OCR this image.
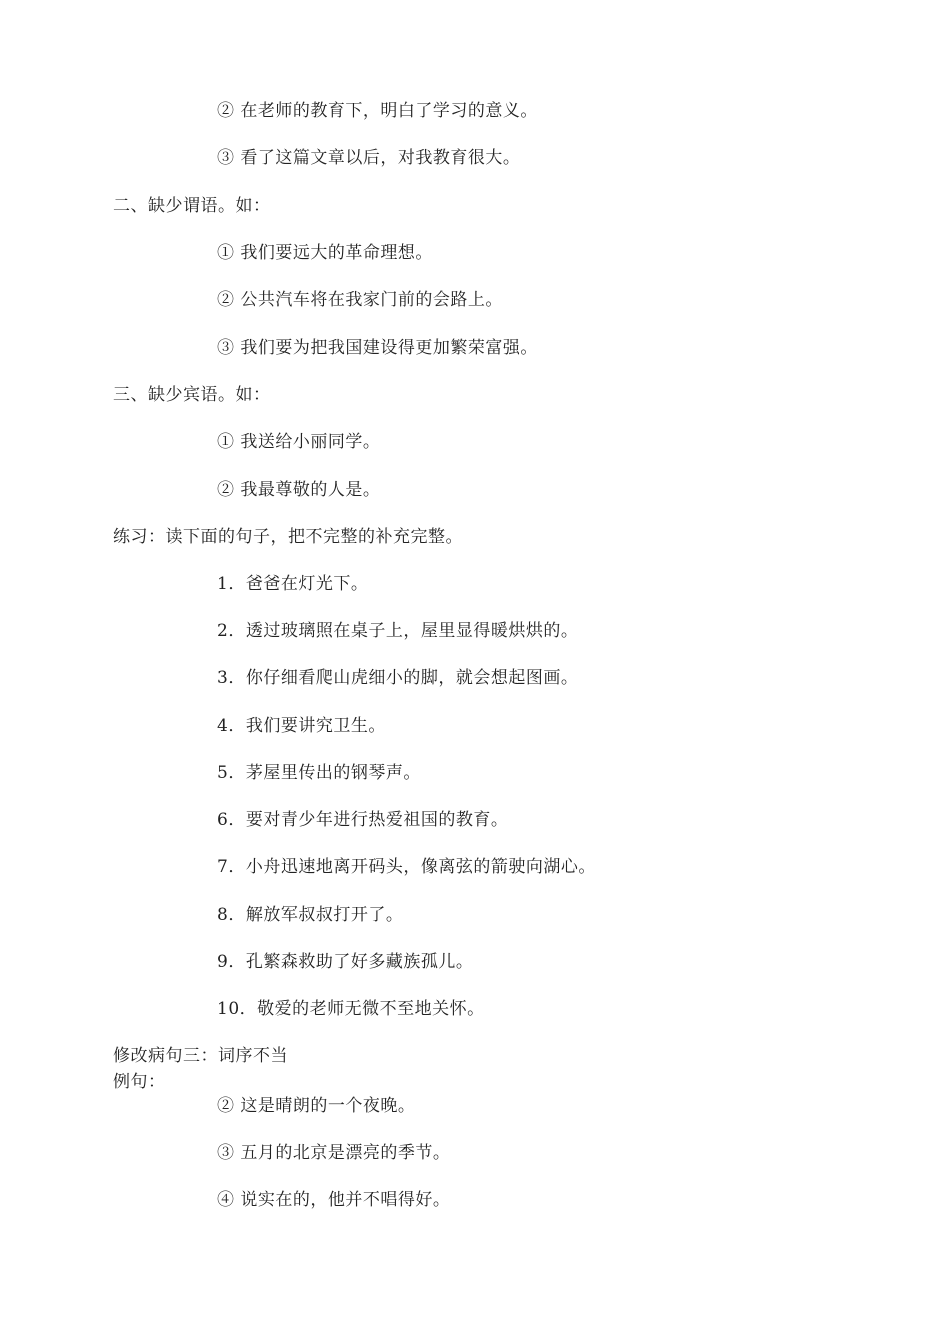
② 在老师的教育下，明白了学习的意义。
③ 看了这篇文章以后，对我教育很大。
二、缺少谓语。如：
① 我们要远大的革命理想。
② 公共汽车将在我家门前的会路上。
③ 我们要为把我国建设得更加繁荣富强。
三、缺少宾语。如：
① 我送给小丽同学。
② 我最尊敬的人是。
练习：读下面的句子，把不完整的补充完整。
1．爸爸在灯光下。
2．透过玻璃照在桌子上，屋里显得暖烘烘的。
3．你仔细看爬山虎细小的脚，就会想起图画。
4．我们要讲究卫生。
5．茅屋里传出的钢琴声。
6．要对青少年进行热爱祖国的教育。
7．小舟迅速地离开码头，像离弦的箭驶向湖心。
8．解放军叔叔打开了。
9．孔繁森救助了好多藏族孤儿。
10．敬爱的老师无微不至地关怀。
修改病句三：词序不当
例句：
② 这是晴朗的一个夜晚。
③ 五月的北京是漂亮的季节。
④ 说实在的，他并不唱得好。
